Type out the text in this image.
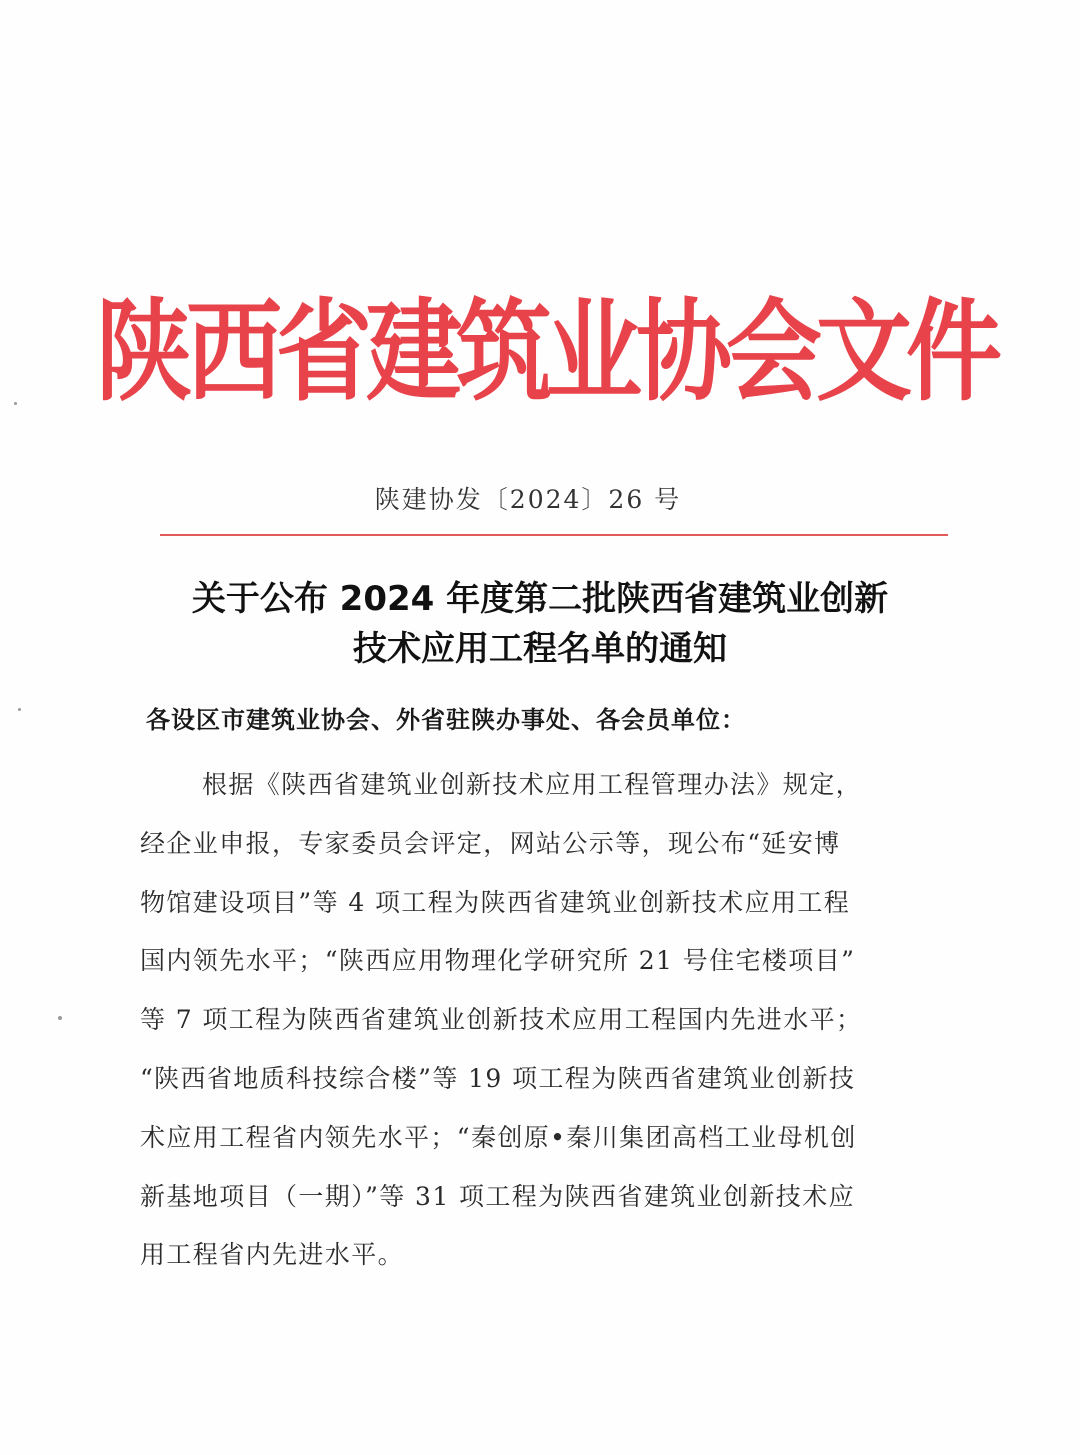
陕西省建筑业协会文件
陕建协发〔2024〕26 号
关于公布 2024 年度第二批陕西省建筑业创新
技术应用工程名单的通知
各设区市建筑业协会、外省驻陕办事处、各会员单位：
根据《陕西省建筑业创新技术应用工程管理办法》规定，
经企业申报，专家委员会评定，网站公示等，现公布“延安博
物馆建设项目”等 4 项工程为陕西省建筑业创新技术应用工程
国内领先水平；“陕西应用物理化学研究所 21 号住宅楼项目”
等 7 项工程为陕西省建筑业创新技术应用工程国内先进水平；
“陕西省地质科技综合楼”等 19 项工程为陕西省建筑业创新技
术应用工程省内领先水平；“秦创原•秦川集团高档工业母机创
新基地项目（一期）”等 31 项工程为陕西省建筑业创新技术应
用工程省内先进水平。
